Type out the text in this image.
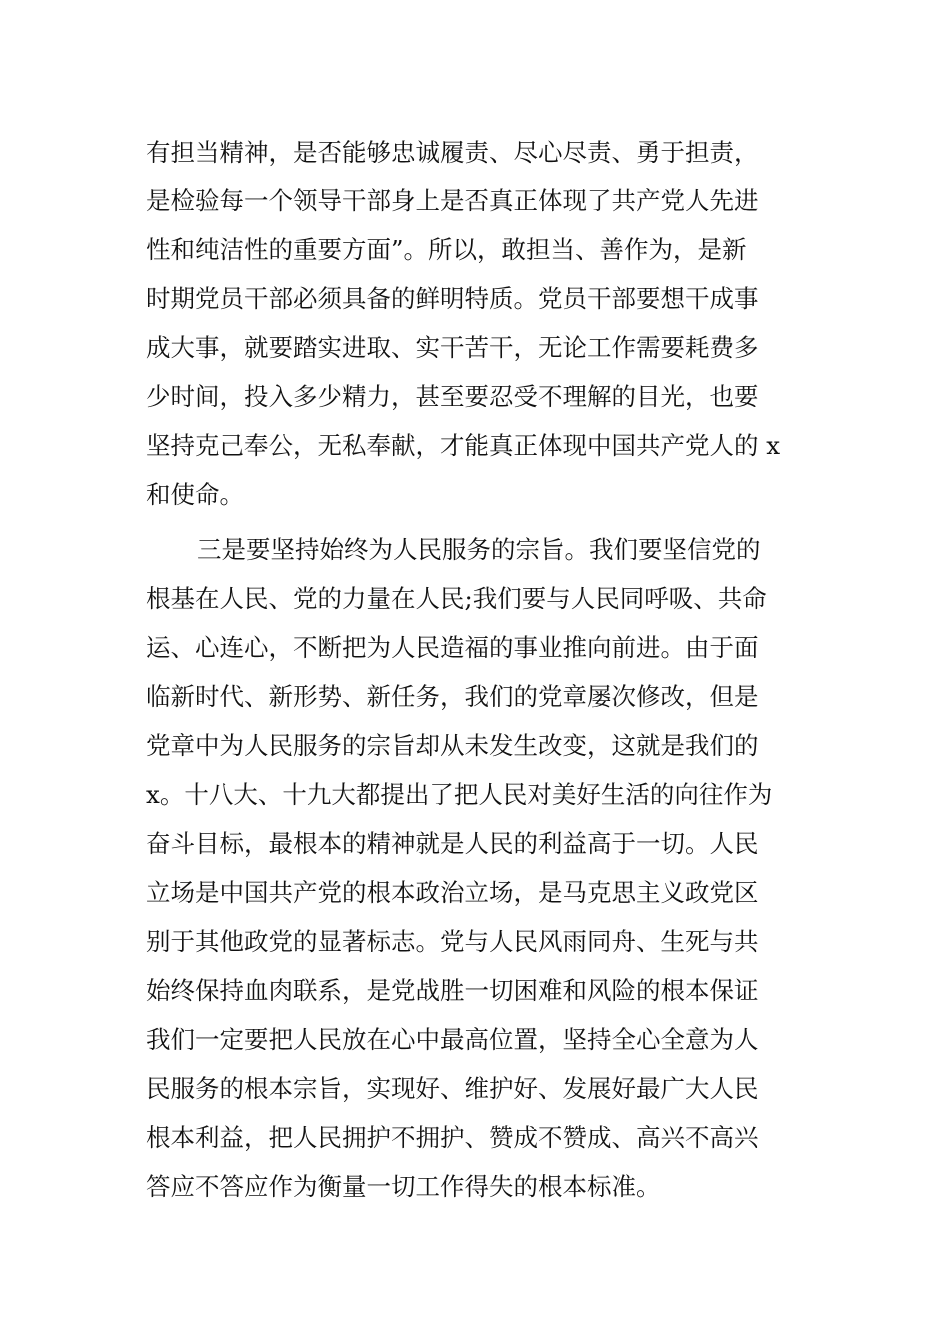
有担当精神，是否能够忠诚履责、尽心尽责、勇于担责，
是检验每一个领导干部身上是否真正体现了共产党人先进
性和纯洁性的重要方面”。所以，敢担当、善作为，是新
时期党员干部必须具备的鲜明特质。党员干部要想干成事
成大事，就要踏实进取、实干苦干，无论工作需要耗费多
少时间，投入多少精力，甚至要忍受不理解的目光，也要
坚持克己奉公，无私奉献，才能真正体现中国共产党人的 x
和使命。
三是要坚持始终为人民服务的宗旨。我们要坚信党的
根基在人民、党的力量在人民;我们要与人民同呼吸、共命
运、心连心，不断把为人民造福的事业推向前进。由于面
临新时代、新形势、新任务，我们的党章屡次修改，但是
党章中为人民服务的宗旨却从未发生改变，这就是我们的
x。十八大、十九大都提出了把人民对美好生活的向往作为
奋斗目标，最根本的精神就是人民的利益高于一切。人民
立场是中国共产党的根本政治立场，是马克思主义政党区
别于其他政党的显著标志。党与人民风雨同舟、生死与共
始终保持血肉联系，是党战胜一切困难和风险的根本保证
我们一定要把人民放在心中最高位置，坚持全心全意为人
民服务的根本宗旨，实现好、维护好、发展好最广大人民
根本利益，把人民拥护不拥护、赞成不赞成、高兴不高兴
答应不答应作为衡量一切工作得失的根本标准。
